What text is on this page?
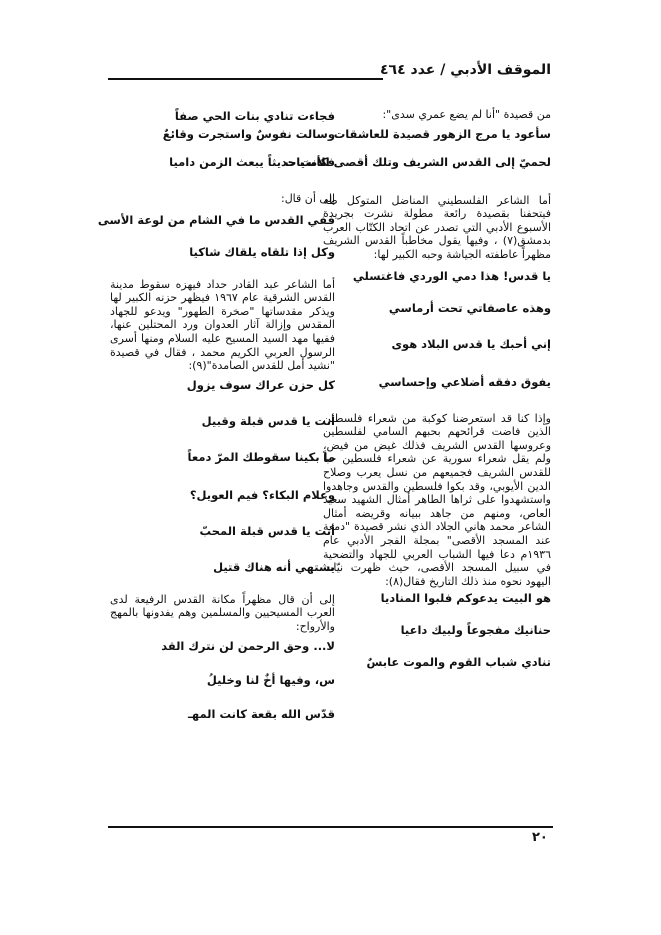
الموقف الأدبي / عدد ٤٦٤
من قصيدة "أنا لم يضع عمري سدى":
سأعود يا مرج الزهور قصيدة للعاشقات
لحميّ إلى القدس الشريف وتلك أقصى الأمنيات
أما الشاعر الفلسطيني المناضل المتوكل طه فيتحفنا بقصيدة رائعة مطولة نشرت بجريدة الأسبوع الأدبي التي تصدر عن اتحاد الكتّاب العرب بدمشق(٧) ، وفيها يقول مخاطباً القدس الشريف مظهراً عاطفته الجياشة وحبه الكبير لها:
يا قدس! هذا دمي الوردي فاغتسلي
وهذه عاصفاتي تحت أرماسي
إني أحبك يا قدس البلاد هوى
يفوق دفقه أضلاعي وإحساسي
وإذا كنا قد استعرضنا كوكبة من شعراء فلسطين الذين فاضت قرائحهم بحبهم السامي لفلسطين وعروسها القدس الشريف فذلك غيض من فيض، ولم يقل شعراء سورية عن شعراء فلسطين حباً للقدس الشريف فجميعهم من نسل يعرب وصلاح الدين الأيوبي، وقد بكوا فلسطين والقدس وجاهدوا واستشهدوا على ثراها الطاهر أمثال الشهيد سعيد العاص، ومنهم من جاهد ببيانه وقريضه أمثال الشاعر محمد هاني الجلاد الذي نشر قصيدة "دمعة عند المسجد الأقصى" بمجلة الفجر الأدبي عام ١٩٣٦م دعا فيها الشباب العربي للجهاد والتضحية في سبيل المسجد الأقصى، حيث ظهرت نيّات اليهود نحوه منذ ذلك التاريخ فقال(٨):
هو البيت يدعوكم فلبوا المناديا
حنانيك مفجوعاً ولبيك داعيا
تنادي شباب القوم والموت عابسٌ
فجاءت تنادي بنات الحي صفاً
وسالت نفوسٌ واستجرت وقائعٌ
فكانت حديثاً يبعث الزمن داميا
إلى أن قال:
ففي القدس ما في الشام من لوعة الأسى
وكل إذا تلقاه يلقاك شاكيا
أما الشاعر عبد القادر حداد فيهزه سقوط مدينة القدس الشرقية عام ١٩٦٧ فيظهر حزنه الكبير لها ويذكر مقدساتها "صخرة الطهور" ويدعو للجهاد المقدس وإزالة آثار العدوان ورد المحتلين عنها، ففيها مهد السيد المسيح عليه السلام ومنها أسرى الرسول العربي الكريم محمد ، فقال في قصيدة "نشيد أمل للقدس الصامدة"(٩):
كل حزن عراك سوف يزول
أنت يا قدس قبلة وقبيل
ما بكينا سقوطك المرّ دمعاً
وعلام البكاء؟ فيم العويل؟
أنت يا قدس قبلة المحبّ
يشتهي أنه هناك قتيل
إلى أن قال مظهراً مكانة القدس الرفيعة لدى العرب المسيحيين والمسلمين وهم يفدونها بالمهج والأرواح:
لا... وحق الرحمن لن نترك القد
س، وفيها أخٌ لنا وخليلُ
قدّس الله بقعة كانت المهـ
٢٠
